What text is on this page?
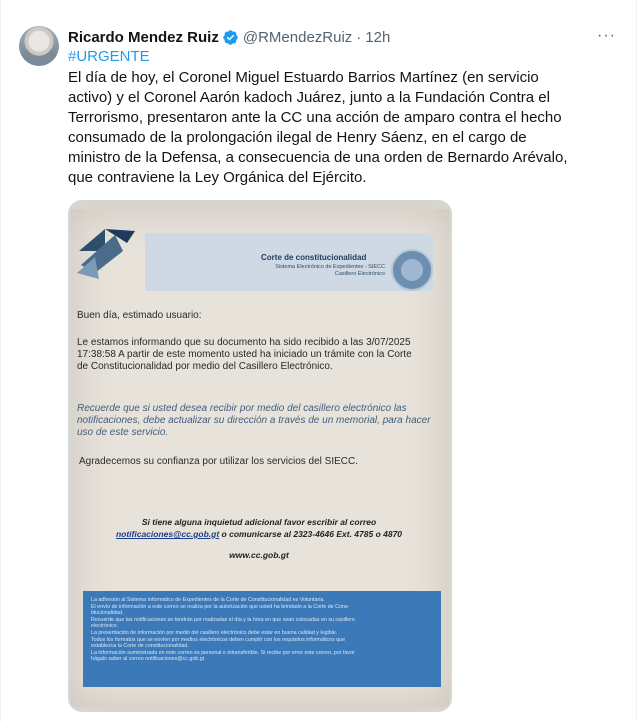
Ricardo Mendez Ruiz @RMendezRuiz · 12h	···
#URGENTE
El día de hoy, el Coronel Miguel Estuardo Barrios Martínez (en servicio
activo) y el Coronel Aarón kadoch Juárez, junto a la Fundación Contra el
Terrorismo, presentaron ante la CC una acción de amparo contra el hecho
consumado de la prolongación ilegal de Henry Sáenz, en el cargo de
ministro de la Defensa, a consecuencia de una orden de Bernardo Arévalo,
que contraviene la Ley Orgánica del Ejército.
Corte de constitucionalidad
Sistema Electrónico de Expedientes - SIECC
Casillero Electrónico
Buen día, estimado usuario:
Le estamos informando que su documento ha sido recibido a las 3/07/2025 17:38:58 A partir de este momento usted ha iniciado un trámite con la Corte de Constitucionalidad por medio del Casillero Electrónico.
Recuerde que si usted desea recibir por medio del casillero electrónico las notificaciones, debe actualizar su dirección a través de un memorial, para hacer uso de este servicio.
Agradecemos su confianza por utilizar los servicios del SIECC.
Si tiene alguna inquietud adicional favor escribir al correo
notificaciones@cc.gob.gt o comunicarse al 2323-4646 Ext. 4785 o 4870
www.cc.gob.gt
La adhesión al Sistema Informático de Expedientes de la Corte de Constitucionalidad es Voluntaria.
El envío de información a este correo se realiza por la autorización que usted ha brindado a la Corte de Cons-
titucionalidad.
Recuerde que las notificaciones se tendrán por realizadas el día y la hora en que sean colocadas en su casillero
electrónico.
La presentación de información por medio del casillero electrónico debe estar en buena calidad y legible.
Todos los formatos que se envíen por medios electrónicos deben cumplir con los requisitos informáticos que
establezca la Corte de constitucionalidad.
La información suministrada en este correo es personal e intransferible. Si recibe por error este correo, por favor
hágalo saber al correo notificaciones@cc.gob.gt
